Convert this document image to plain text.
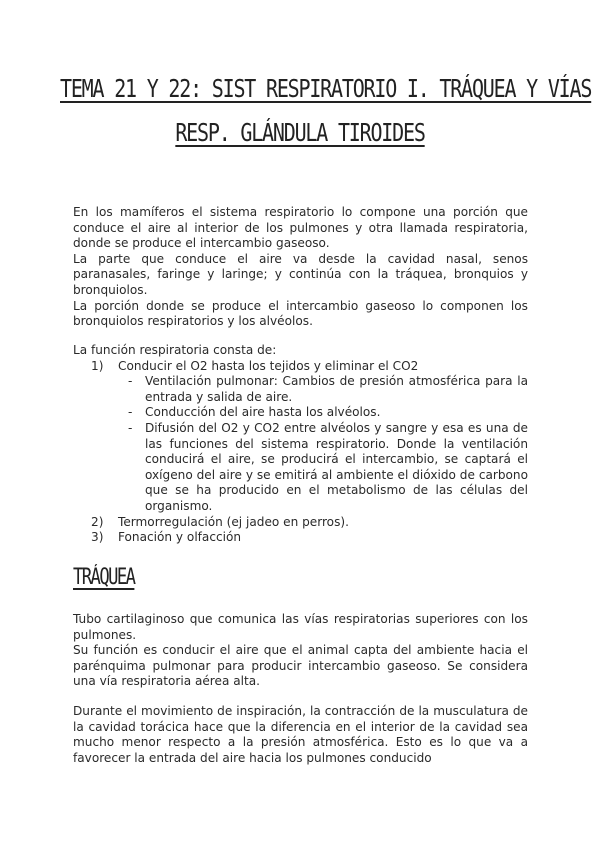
TEMA 21 Y 22: SIST RESPIRATORIO I. TRÁQUEA Y VÍAS
RESP. GLÁNDULA TIROIDES

En los mamíferos el sistema respiratorio lo compone una porción que conduce el aire al interior de los pulmones y otra llamada respiratoria, donde se produce el intercambio gaseoso.

La parte que conduce el aire va desde la cavidad nasal, senos paranasales, faringe y laringe; y continúa con la tráquea, bronquios y bronquiolos.

La porción donde se produce el intercambio gaseoso lo componen los bronquiolos respiratorios y los alvéolos.

La función respiratoria consta de:

1) Conducir el O2 hasta los tejidos y eliminar el CO2
- Ventilación pulmonar: Cambios de presión atmosférica para la entrada y salida de aire.
- Conducción del aire hasta los alvéolos.
- Difusión del O2 y CO2 entre alvéolos y sangre y esa es una de las funciones del sistema respiratorio. Donde la ventilación conducirá el aire, se producirá el intercambio, se captará el oxígeno del aire y se emitirá al ambiente el dióxido de carbono que se ha producido en el metabolismo de las células del organismo.
2) Termorregulación (ej jadeo en perros).
3) Fonación y olfacción
TRÁQUEA

Tubo cartilaginoso que comunica las vías respiratorias superiores con los pulmones.

Su función es conducir el aire que el animal capta del ambiente hacia el parénquima pulmonar para producir intercambio gaseoso. Se considera una vía respiratoria aérea alta.

Durante el movimiento de inspiración, la contracción de la musculatura de la cavidad torácica hace que la diferencia en el interior de la cavidad sea mucho menor respecto a la presión atmosférica. Esto es lo que va a favorecer la entrada del aire hacia los pulmones conducido
